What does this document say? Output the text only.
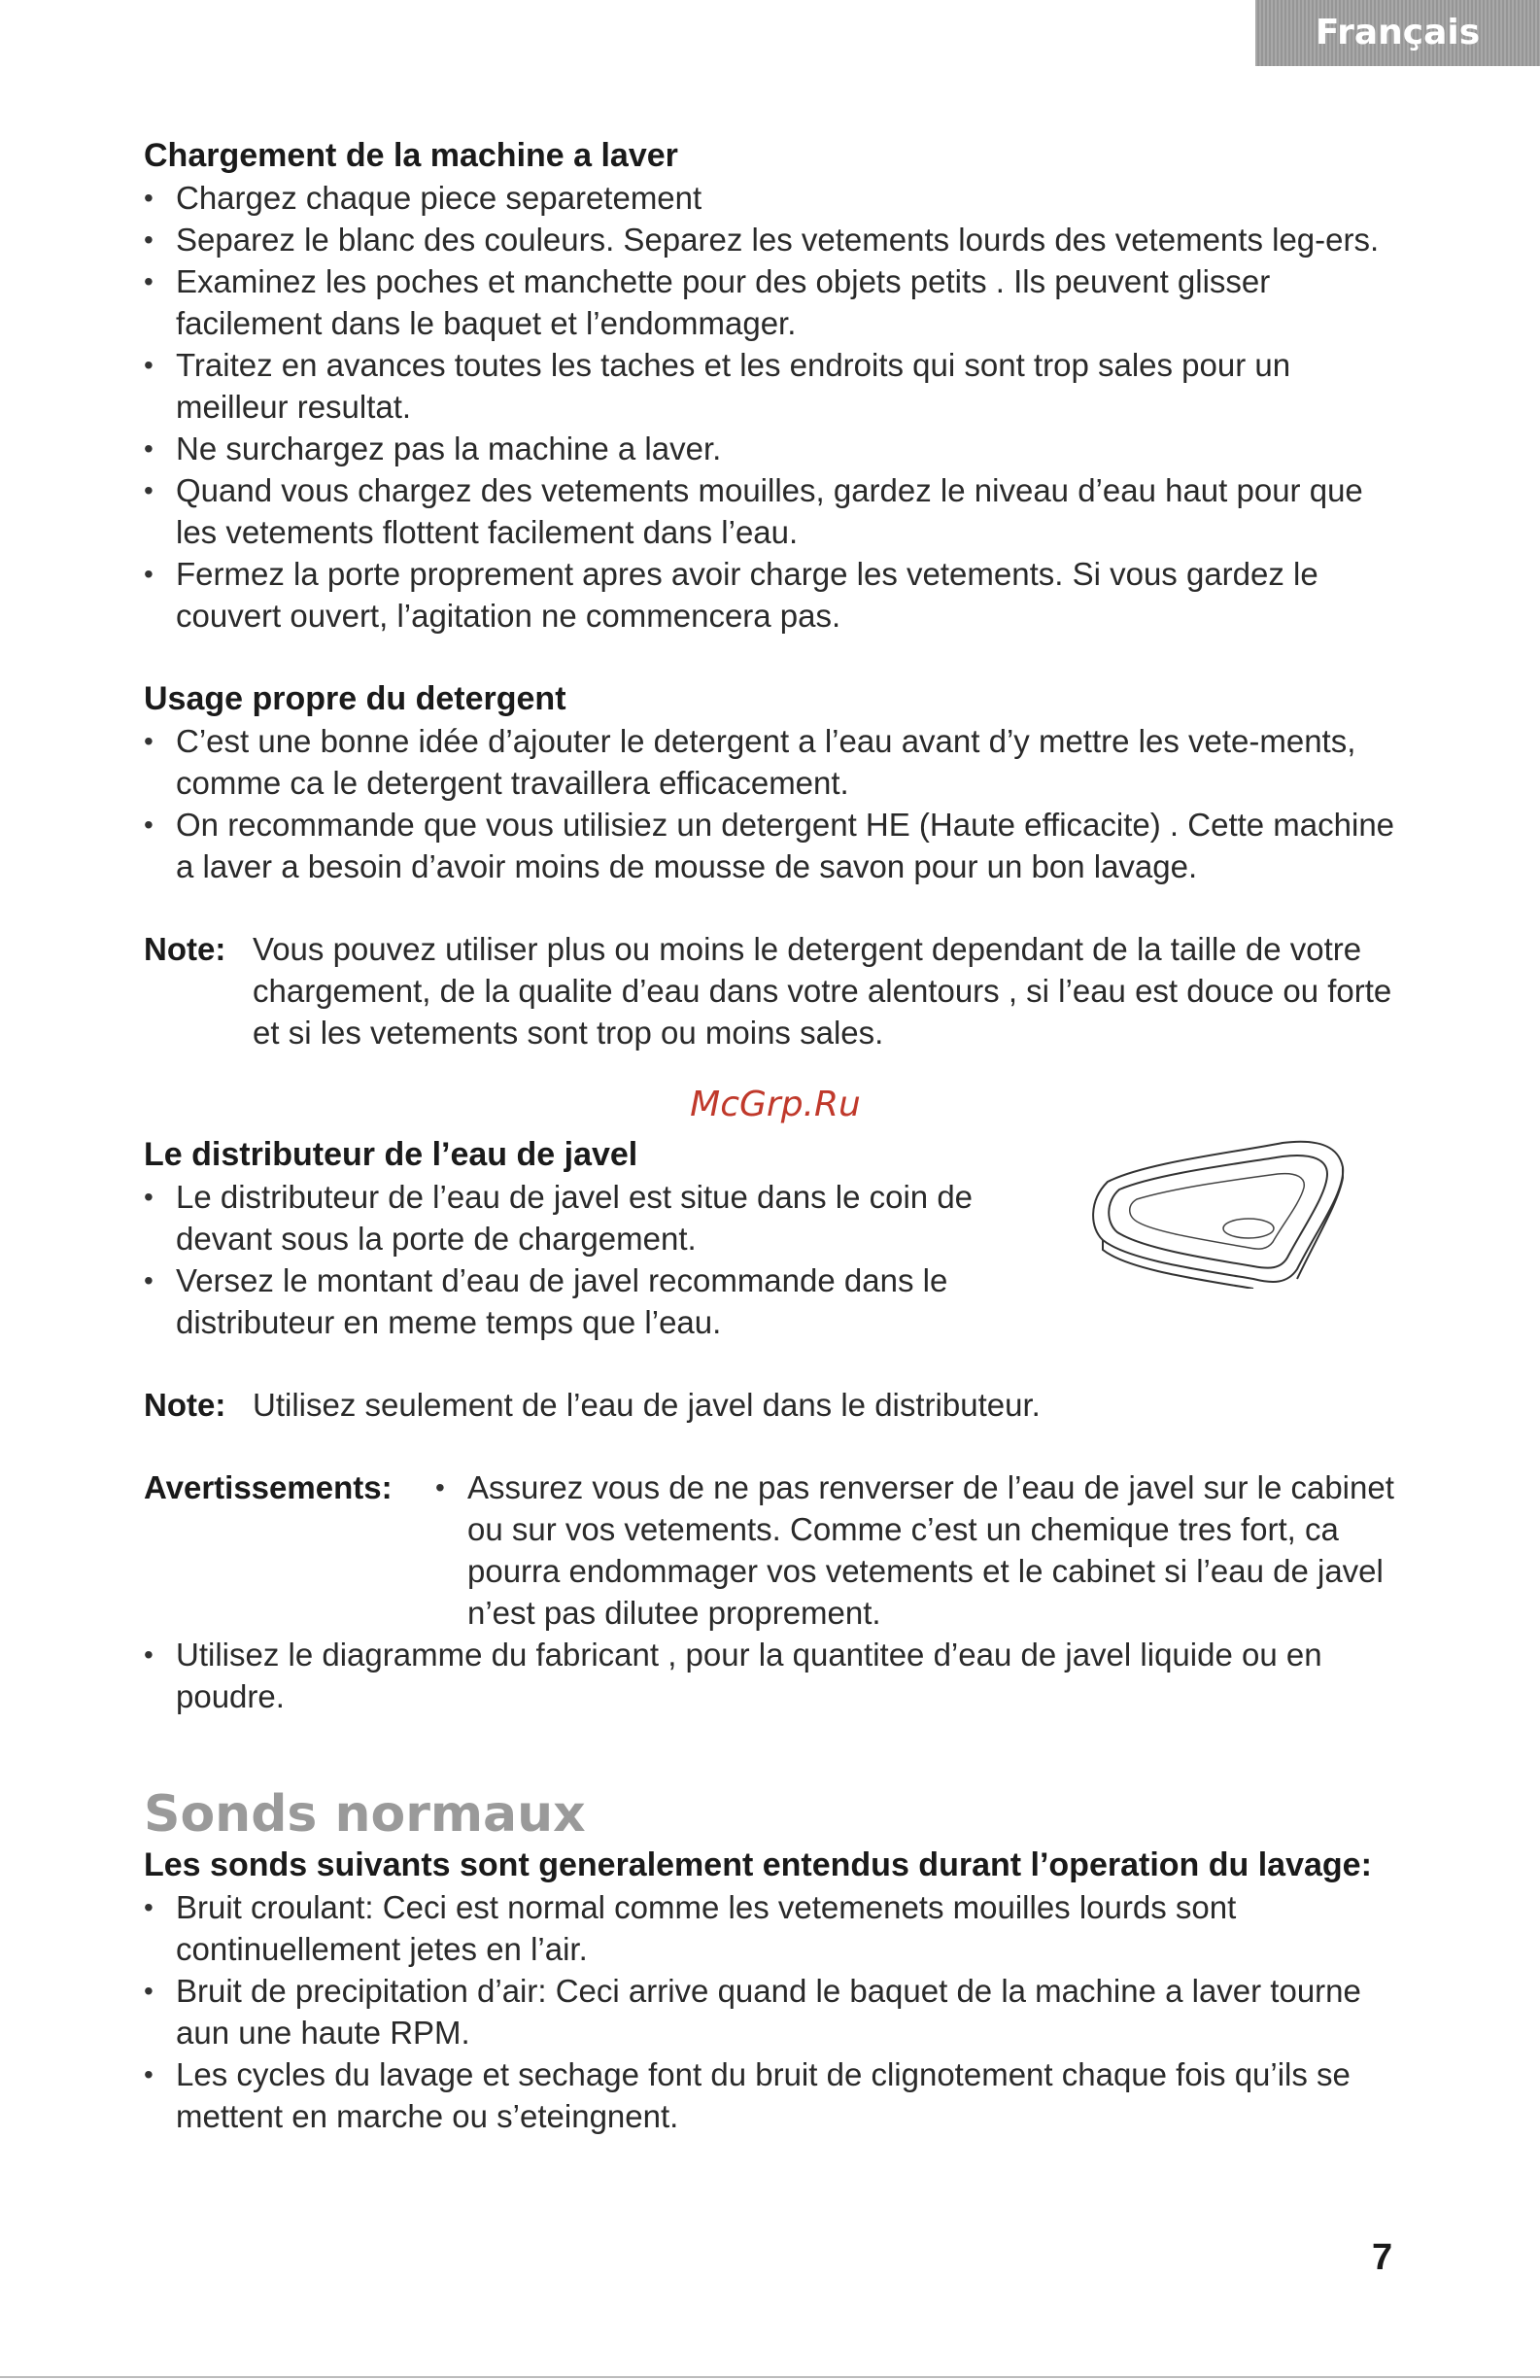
Français
Chargement de la machine a laver
• Chargez chaque piece separetement
• Separez le blanc des couleurs. Separez les vetements lourds des vetements leg-ers.
• Examinez les poches et manchette pour des objets petits . Ils peuvent glisser facilement dans le baquet et l’endommager.
• Traitez en avances toutes les taches et les endroits qui sont trop sales pour un meilleur resultat.
• Ne surchargez pas la machine a laver.
• Quand vous chargez des vetements mouilles, gardez le niveau d’eau haut pour que les vetements flottent facilement dans l’eau.
• Fermez la porte proprement apres avoir charge les vetements. Si vous gardez le couvert ouvert, l’agitation ne commencera pas.
Usage propre du detergent
• C’est une bonne idée d’ajouter le detergent a l’eau avant d’y mettre les vete-ments, comme ca le detergent travaillera efficacement.
• On recommande que vous utilisiez un detergent HE (Haute efficacite) . Cette machine a laver a besoin d’avoir moins de mousse de savon pour un bon lavage.
Note: Vous pouvez utiliser plus ou moins le detergent dependant de la taille de votre chargement, de la qualite d’eau dans votre alentours , si l’eau est douce ou forte et si les vetements sont trop ou moins sales.
McGrp.Ru
Le distributeur de l’eau de javel
• Le distributeur de l’eau de javel est situe dans le coin de devant sous la porte de chargement.
• Versez le montant d’eau de javel recommande dans le distributeur en meme temps que l’eau.
Note: Utilisez seulement de l’eau de javel dans le distributeur.
Avertissements:
•	Assurez vous de ne pas renverser de l’eau de javel sur le cabinet ou sur vos vetements. Comme c’est un chemique tres fort, ca pourra endommager vos vetements et le cabinet si l’eau de javel n’est pas dilutee proprement.
• Utilisez le diagramme du fabricant , pour la quantitee d’eau de javel liquide ou en poudre.
Sonds normaux
Les sonds suivants sont generalement entendus durant l’operation du lavage:
• Bruit croulant: Ceci est normal comme les vetemenets mouilles lourds sont continuellement jetes en l’air.
• Bruit de precipitation d’air: Ceci arrive quand le baquet de la machine a laver tourne aun une haute RPM.
• Les cycles du lavage et sechage font du bruit de clignotement chaque fois qu’ils se mettent en marche ou s’eteingnent.
7
